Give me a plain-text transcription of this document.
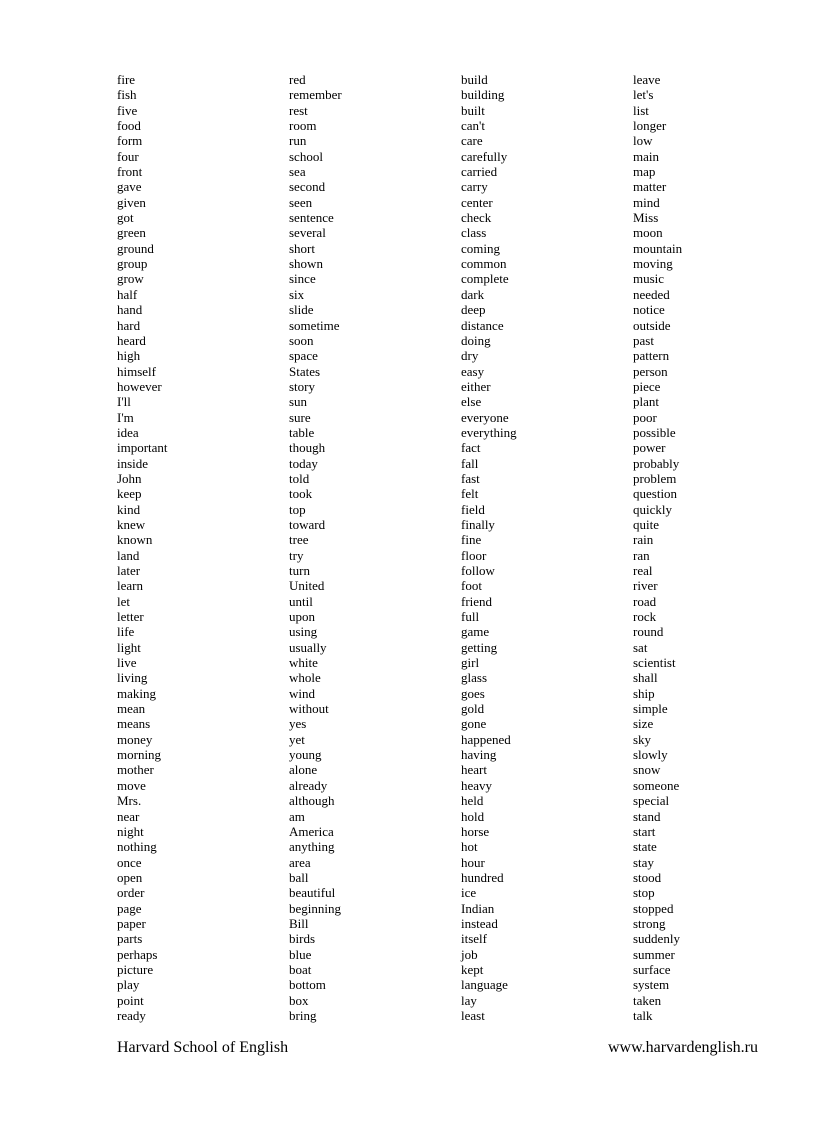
fire
fish
five
food
form
four
front
gave
given
got
green
ground
group
grow
half
hand
hard
heard
high
himself
however
I'll
I'm
idea
important
inside
John
keep
kind
knew
known
land
later
learn
let
letter
life
light
live
living
making
mean
means
money
morning
mother
move
Mrs.
near
night
nothing
once
open
order
page
paper
parts
perhaps
picture
play
point
ready
red
remember
rest
room
run
school
sea
second
seen
sentence
several
short
shown
since
six
slide
sometime
soon
space
States
story
sun
sure
table
though
today
told
took
top
toward
tree
try
turn
United
until
upon
using
usually
white
whole
wind
without
yes
yet
young
alone
already
although
am
America
anything
area
ball
beautiful
beginning
Bill
birds
blue
boat
bottom
box
bring
build
building
built
can't
care
carefully
carried
carry
center
check
class
coming
common
complete
dark
deep
distance
doing
dry
easy
either
else
everyone
everything
fact
fall
fast
felt
field
finally
fine
floor
follow
foot
friend
full
game
getting
girl
glass
goes
gold
gone
happened
having
heart
heavy
held
hold
horse
hot
hour
hundred
ice
Indian
instead
itself
job
kept
language
lay
least
leave
let's
list
longer
low
main
map
matter
mind
Miss
moon
mountain
moving
music
needed
notice
outside
past
pattern
person
piece
plant
poor
possible
power
probably
problem
question
quickly
quite
rain
ran
real
river
road
rock
round
sat
scientist
shall
ship
simple
size
sky
slowly
snow
someone
special
stand
start
state
stay
stood
stop
stopped
strong
suddenly
summer
surface
system
taken
talk
Harvard School of English	www.harvardenglish.ru
